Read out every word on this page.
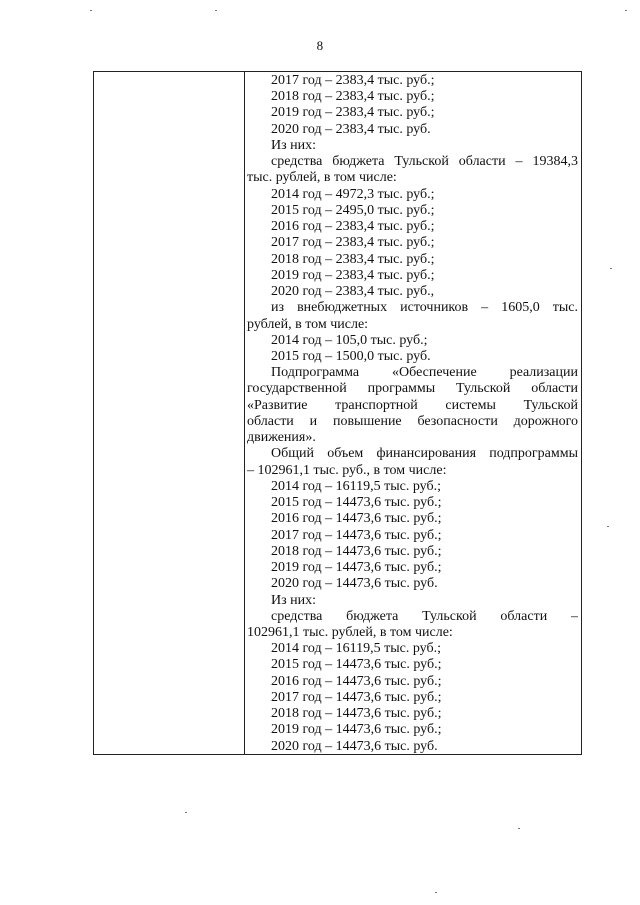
8
2017 год – 2383,4 тыс. руб.;
2018 год – 2383,4 тыс. руб.;
2019 год – 2383,4 тыс. руб.;
2020 год – 2383,4 тыс. руб.
Из них:
средства бюджета Тульской области – 19384,3
тыс. рублей, в том числе:
2014 год – 4972,3 тыс. руб.;
2015 год – 2495,0 тыс. руб.;
2016 год – 2383,4 тыс. руб.;
2017 год – 2383,4 тыс. руб.;
2018 год – 2383,4 тыс. руб.;
2019 год – 2383,4 тыс. руб.;
2020 год – 2383,4 тыс. руб.,
из внебюджетных источников – 1605,0 тыс.
рублей, в том числе:
2014 год – 105,0 тыс. руб.;
2015 год – 1500,0 тыс. руб.
Подпрограмма «Обеспечение реализации
государственной программы Тульской области
«Развитие транспортной системы Тульской
области и повышение безопасности дорожного
движения».
Общий объем финансирования подпрограммы
– 102961,1 тыс. руб., в том числе:
2014 год – 16119,5 тыс. руб.;
2015 год – 14473,6 тыс. руб.;
2016 год – 14473,6 тыс. руб.;
2017 год – 14473,6 тыс. руб.;
2018 год – 14473,6 тыс. руб.;
2019 год – 14473,6 тыс. руб.;
2020 год – 14473,6 тыс. руб.
Из них:
средства бюджета Тульской области –
102961,1 тыс. рублей, в том числе:
2014 год – 16119,5 тыс. руб.;
2015 год – 14473,6 тыс. руб.;
2016 год – 14473,6 тыс. руб.;
2017 год – 14473,6 тыс. руб.;
2018 год – 14473,6 тыс. руб.;
2019 год – 14473,6 тыс. руб.;
2020 год – 14473,6 тыс. руб.
